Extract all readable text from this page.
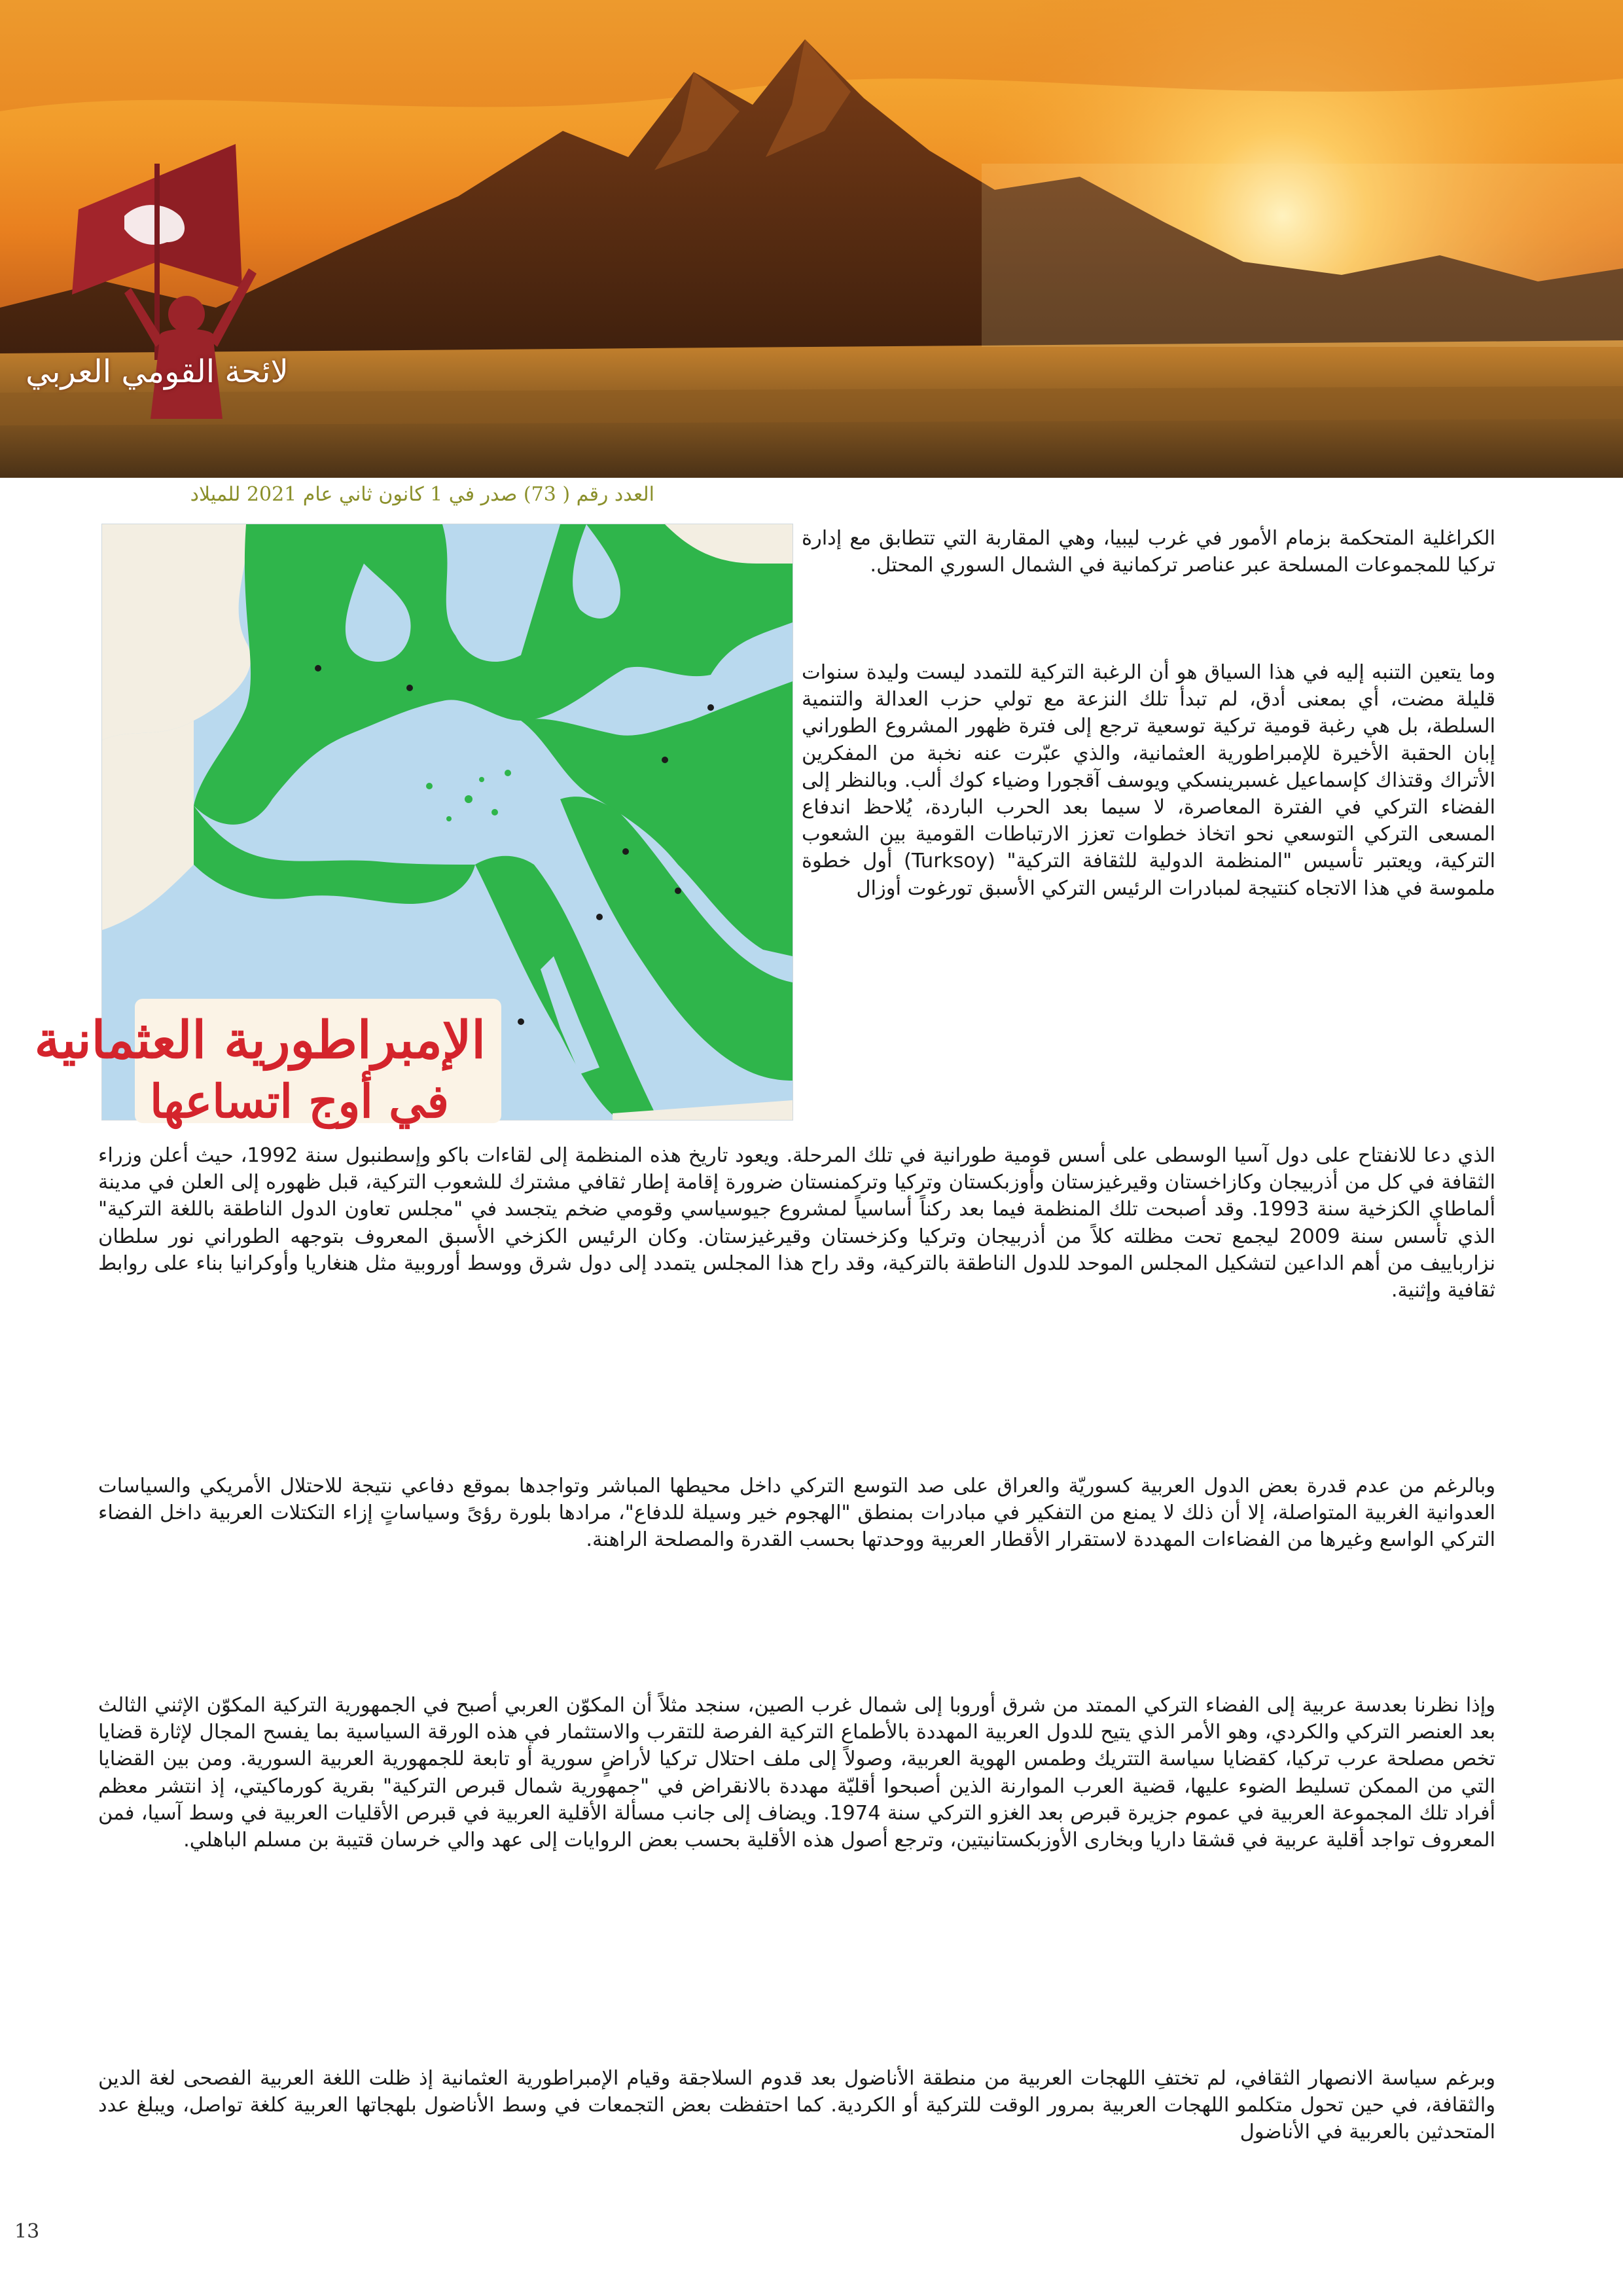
لائحة القومي العربي
العدد رقم ( 73) صدر في 1 كانون ثاني عام 2021 للميلاد
الإمبراطورية العثمانية
في أوج اتساعها

الكراغلية المتحكمة بزمام الأمور في غرب ليبيا، وهي المقاربة التي تتطابق مع إدارة تركيا للمجموعات المسلحة عبر عناصر تركمانية في الشمال السوري المحتل.

وما يتعين التنبه إليه في هذا السياق هو أن الرغبة التركية للتمدد ليست وليدة سنوات قليلة مضت، أي بمعنى أدق، لم تبدأ تلك النزعة مع تولي حزب العدالة والتنمية السلطة، بل هي رغبة قومية تركية توسعية ترجع إلى فترة ظهور المشروع الطوراني إبان الحقبة الأخيرة للإمبراطورية العثمانية، والذي عبّرت عنه نخبة من المفكرين الأتراك وقتذاك كإسماعيل غسبرينسكي ويوسف آقجورا وضياء كوك ألب. وبالنظر إلى الفضاء التركي في الفترة المعاصرة، لا سيما بعد الحرب الباردة، يُلاحظ اندفاع المسعى التركي التوسعي نحو اتخاذ خطوات تعزز الارتباطات القومية بين الشعوب التركية، ويعتبر تأسيس "المنظمة الدولية للثقافة التركية" (Turksoy) أول خطوة ملموسة في هذا الاتجاه كنتيجة لمبادرات الرئيس التركي الأسبق تورغوت أوزال

الذي دعا للانفتاح على دول آسيا الوسطى على أسس قومية طورانية في تلك المرحلة. ويعود تاريخ هذه المنظمة إلى لقاءات باكو وإسطنبول سنة 1992، حيث أعلن وزراء الثقافة في كل من أذربيجان وكازاخستان وقيرغيزستان وأوزبكستان وتركيا وتركمنستان ضرورة إقامة إطار ثقافي مشترك للشعوب التركية، قبل ظهوره إلى العلن في مدينة ألماطاي الكزخية سنة 1993. وقد أصبحت تلك المنظمة فيما بعد ركناً أساسياً لمشروع جيوسياسي وقومي ضخم يتجسد في "مجلس تعاون الدول الناطقة باللغة التركية" الذي تأسس سنة 2009 ليجمع تحت مظلته كلاً من أذربيجان وتركيا وكزخستان وقيرغيزستان. وكان الرئيس الكزخي الأسبق المعروف بتوجهه الطوراني نور سلطان نزارباييف من أهم الداعين لتشكيل المجلس الموحد للدول الناطقة بالتركية، وقد راح هذا المجلس يتمدد إلى دول شرق ووسط أوروبية مثل هنغاريا وأوكرانيا بناء على روابط ثقافية وإثنية.

وبالرغم من عدم قدرة بعض الدول العربية كسوريّة والعراق على صد التوسع التركي داخل محيطها المباشر وتواجدها بموقع دفاعي نتيجة للاحتلال الأمريكي والسياسات العدوانية الغربية المتواصلة، إلا أن ذلك لا يمنع من التفكير في مبادرات بمنطق "الهجوم خير وسيلة للدفاع"، مرادها بلورة رؤىً وسياساتٍ إزاء التكتلات العربية داخل الفضاء التركي الواسع وغيرها من الفضاءات المهددة لاستقرار الأقطار العربية ووحدتها بحسب القدرة والمصلحة الراهنة.

وإذا نظرنا بعدسة عربية إلى الفضاء التركي الممتد من شرق أوروبا إلى شمال غرب الصين، سنجد مثلاً أن المكوّن العربي أصبح في الجمهورية التركية المكوّن الإثني الثالث بعد العنصر التركي والكردي، وهو الأمر الذي يتيح للدول العربية المهددة بالأطماع التركية الفرصة للتقرب والاستثمار في هذه الورقة السياسية بما يفسح المجال لإثارة قضايا تخص مصلحة عرب تركيا، كقضايا سياسة التتريك وطمس الهوية العربية، وصولاً إلى ملف احتلال تركيا لأراضٍ سورية أو تابعة للجمهورية العربية السورية. ومن بين القضايا التي من الممكن تسليط الضوء عليها، قضية العرب الموارنة الذين أصبحوا أقليّة مهددة بالانقراض في "جمهورية شمال قبرص التركية" بقرية كورماكيتي، إذ انتشر معظم أفراد تلك المجموعة العربية في عموم جزيرة قبرص بعد الغزو التركي سنة 1974. ويضاف إلى جانب مسألة الأقلية العربية في قبرص الأقليات العربية في وسط آسيا، فمن المعروف تواجد أقلية عربية في قشقا داريا وبخارى الأوزبكستانيتين، وترجع أصول هذه الأقلية بحسب بعض الروايات إلى عهد والي خرسان قتيبة بن مسلم الباهلي.

وبرغم سياسة الانصهار الثقافي، لم تختفِ اللهجات العربية من منطقة الأناضول بعد قدوم السلاجقة وقيام الإمبراطورية العثمانية إذ ظلت اللغة العربية الفصحى لغة الدين والثقافة، في حين تحول متكلمو اللهجات العربية بمرور الوقت للتركية أو الكردية. كما احتفظت بعض التجمعات في وسط الأناضول بلهجاتها العربية كلغة تواصل، ويبلغ عدد المتحدثين بالعربية في الأناضول

13
